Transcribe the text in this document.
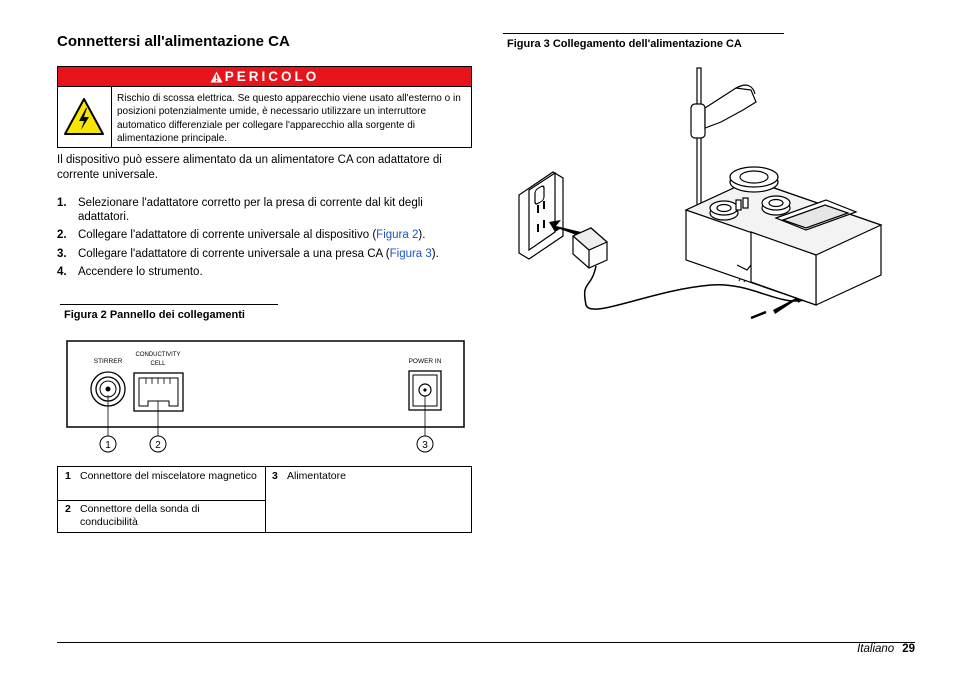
Connettersi all'alimentazione CA
PERICOLO
Rischio di scossa elettrica. Se questo apparecchio viene usato all'esterno o in posizioni potenzialmente umide, è necessario utilizzare un interruttore automatico differenziale per collegare l'apparecchio alla sorgente di alimentazione principale.
Il dispositivo può essere alimentato da un alimentatore CA con adattatore di corrente universale.
1. Selezionare l'adattatore corretto per la presa di corrente dal kit degli adattatori.
2. Collegare l'adattatore di corrente universale al dispositivo (Figura 2).
3. Collegare l'adattatore di corrente universale a una presa CA (Figura 3).
4. Accendere lo strumento.
Figura 2 Pannello dei collegamenti
STIRRER
CONDUCTIVITY
CELL	POWER IN
1	2	3
1 Connettore del miscelatore magnetico
2 Connettore della sonda di conducibilità
3 Alimentatore
Figura 3 Collegamento dell'alimentazione CA
Italiano 29
